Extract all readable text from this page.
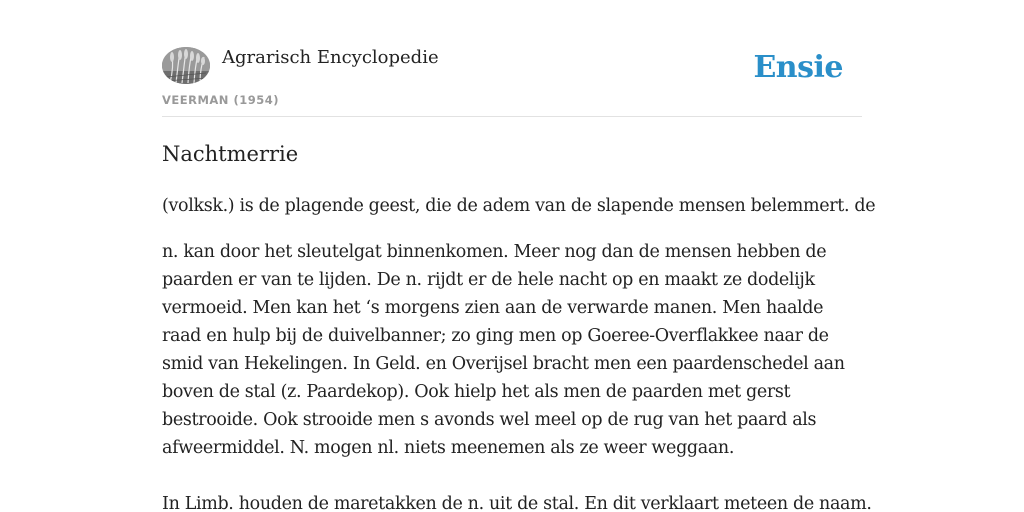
Agrarisch Encyclopedie
VEERMAN (1954)
Ensie
Nachtmerrie

(volksk.) is de plagende geest, die de adem van de slapende mensen belemmert. de

n. kan door het sleutelgat binnenkomen. Meer nog dan de mensen hebben de paarden er van te lijden. De n. rijdt er de hele nacht op en maakt ze dodelijk vermoeid. Men kan het ‘s morgens zien aan de verwarde manen. Men haalde raad en hulp bij de duivelbanner; zo ging men op Goeree-Overflakkee naar de smid van Hekelingen. In Geld. en Overijsel bracht men een paardenschedel aan boven de stal (z. Paardekop). Ook hielp het als men de paarden met gerst bestrooide. Ook strooide men s avonds wel meel op de rug van het paard als afweermiddel. N. mogen nl. niets meenemen als ze weer weggaan.

In Limb. houden de maretakken de n. uit de stal. En dit verklaart meteen de naam.
